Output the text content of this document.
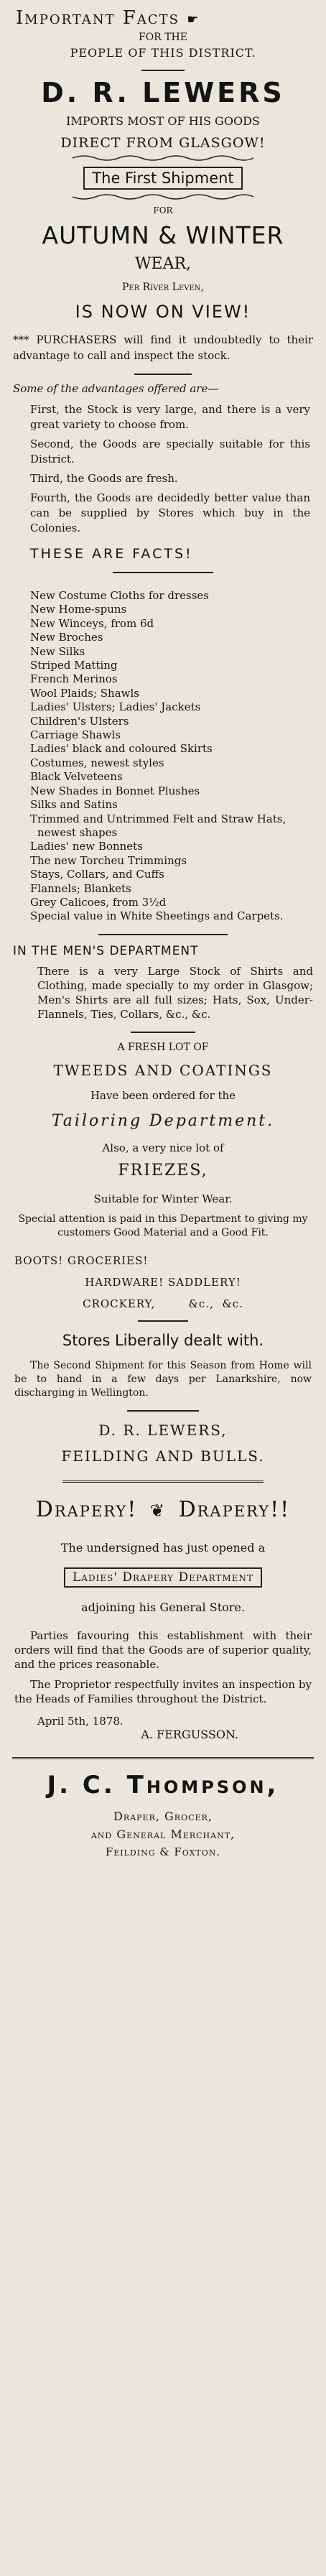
Important Facts ☛
FOR THE
PEOPLE OF THIS DISTRICT.
D. R. LEWERS
IMPORTS MOST OF HIS GOODS
DIRECT FROM GLASGOW!
The First Shipment
FOR
AUTUMN & WINTER
WEAR,
Per River Leven,
IS NOW ON VIEW!
*** PURCHASERS will find it undoubtedly to their advantage to call and inspect the stock.
Some of the advantages offered are—
First, the Stock is very large, and there is a very great variety to choose from.
Second, the Goods are specially suitable for this District.
Third, the Goods are fresh.
Fourth, the Goods are decidedly better value than can be supplied by Stores which buy in the Colonies.
THESE ARE FACTS!
New Costume Cloths for dresses
New Home-spuns
New Winceys, from 6d
New Broches
New Silks
Striped Matting
French Merinos
Wool Plaids; Shawls
Ladies' Ulsters; Ladies' Jackets
Children's Ulsters
Carriage Shawls
Ladies' black and coloured Skirts
Costumes, newest styles
Black Velveteens
New Shades in Bonnet Plushes
Silks and Satins
Trimmed and Untrimmed Felt and Straw Hats, newest shapes
Ladies' new Bonnets
The new Torcheu Trimmings
Stays, Collars, and Cuffs
Flannels; Blankets
Grey Calicoes, from 3½d
Special value in White Sheetings and Carpets.
IN THE MEN'S DEPARTMENT
There is a very Large Stock of Shirts and Clothing, made specially to my order in Glasgow; Men's Shirts are all full sizes; Hats, Sox, Under-Flannels, Ties, Collars, &c., &c.
A FRESH LOT OF
TWEEDS AND COATINGS
Have been ordered for the
Tailoring Department.
Also, a very nice lot of
FRIEZES,
Suitable for Winter Wear.
Special attention is paid in this Department to giving my customers Good Material and a Good Fit.
BOOTS! GROCERIES!
HARDWARE! SADDLERY!
CROCKERY,        &c.,  &c.
Stores Liberally dealt with.
The Second Shipment for this Season from Home will be to hand in a few days per Lanarkshire, now discharging in Wellington.
D. R. LEWERS,
FEILDING AND BULLS.
Drapery! ❦ Drapery!!
The undersigned has just opened a
Ladies' Drapery Department
adjoining his General Store.
Parties favouring this establishment with their orders will find that the Goods are of superior quality, and the prices reasonable.
The Proprietor respectfully invites an inspection by the Heads of Families throughout the District.
April 5th, 1878.
A. FERGUSSON.
J. C. Thompson,
Draper, Grocer,
and General Merchant,
Feilding & Foxton.
